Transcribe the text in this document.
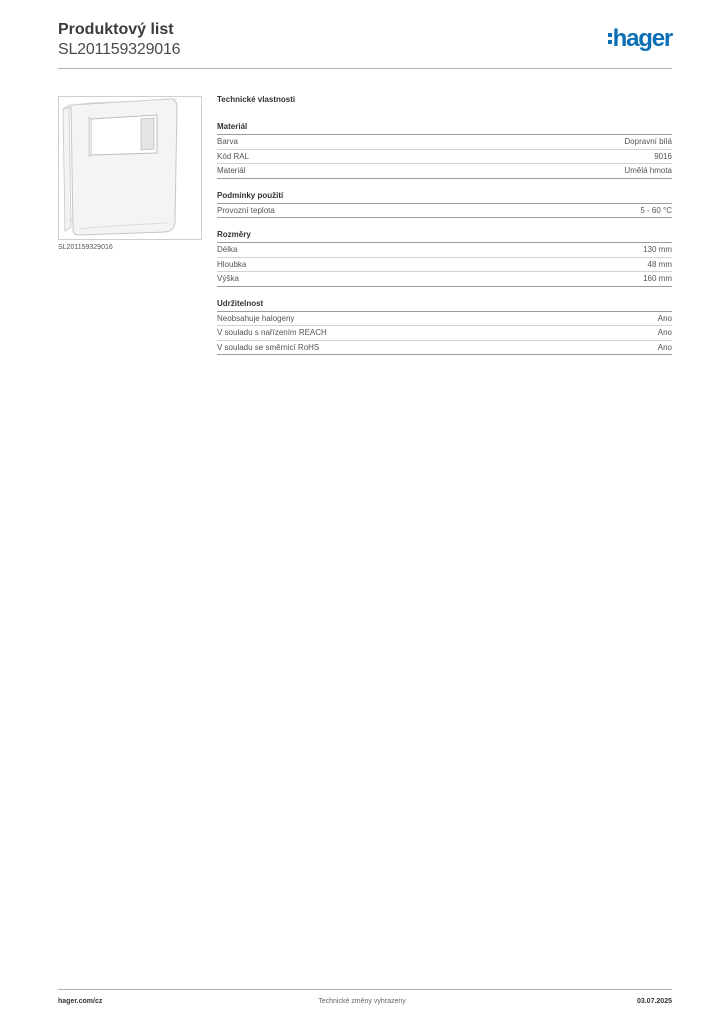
Produktový list
SL201159329016	hager
SL201159329016
Technické vlastnosti
Materiál
Barva	Dopravní bílá
Kód RAL	9016
Materiál	Umělá hmota
Podmínky použití
Provozní teplota	5 - 60 °C
Rozměry
Délka	130 mm
Hloubka	48 mm
Výška	160 mm
Udržitelnost
Neobsahuje halogeny	Ano
V souladu s nařízením REACH	Ano
V souladu se směrnicí RoHS	Ano
hager.com/cz	Technické změny vyhrazeny	03.07.2025
